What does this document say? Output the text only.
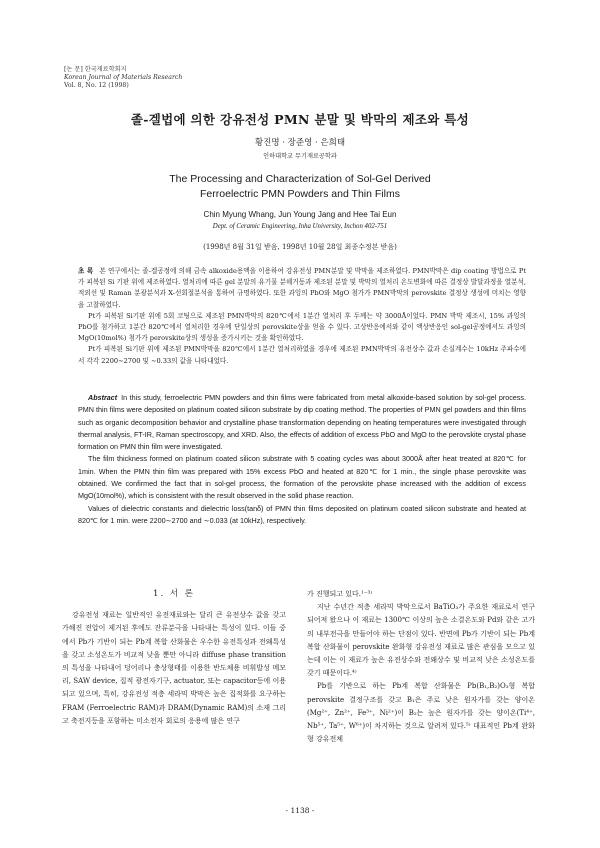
[논 문] 한국재료학회지
Korean Journal of Materials Research
Vol. 8, No. 12 (1998)
졸-겔법에 의한 강유전성 PMN 분말 및 박막의 제조와 특성
황진명 · 장준영 · 은희태
인하대학교 무기재료공학과
The Processing and Characterization of Sol-Gel Derived
Ferroelectric PMN Powders and Thin Films
Chin Myung Whang, Jun Young Jang and Hee Tai Eun
Dept. of Ceramic Engineering, Inha University, Inchon 402-751
(1998년 8월 31일 받음, 1998년 10월 28일 최종수정본 받음)

초 록 본 연구에서는 졸-겔공정에 의해 금속 alkoxide용액을 이용하여 강유전성 PMN분말 및 박막을 제조하였다. PMN박막은 dip coating 방법으로 Pt가 피복된 Si 기판 위에 제조하였다. 열처리에 따른 gel 분말의 유기물 분해거동과 제조된 분말 및 박막의 열처리 온도변화에 따른 결정상 발달과정을 열분석, 적외선 및 Raman 분광분석과 X-선회절분석을 통하여 규명하였다. 또한 과잉의 PbO와 MgO 첨가가 PMN박막의 perovskite 결정상 생성에 미치는 영향을 고찰하였다.

Pt가 피복된 Si기판 위에 5회 코팅으로 제조된 PMN박막의 820℃에서 1분간 열처리 후 두께는 약 3000Å이었다. PMN 박막 제조시, 15% 과잉의 PbO를 첨가하고 1분간 820℃에서 열처리한 경우에 단일상의 perovskite상을 얻을 수 있다. 고상반응에서와 같이 액상반응인 sol-gel공정에서도 과잉의 MgO(10mol%) 첨가가 perovskite상의 생성을 증가시키는 것을 확인하였다.

Pt가 피복된 Si기판 위에 제조된 PMN박막을 820℃에서 1분간 열처리하였을 경우에 제조된 PMN박막의 유전상수 값과 손실계수는 10kHz 주파수에서 각각 2200∼2700 및 ∼0.33의 값을 나타내었다.

Abstract In this study, ferroelectric PMN powders and thin films were fabricated from metal alkoxide-based solution by sol-gel process. PMN thin films were deposited on platinum coated silicon substrate by dip coating method. The properties of PMN gel powders and thin films such as organic decomposition behavior and crystalline phase transformation depending on heating temperatures were investigated through thermal analysis, FT-IR, Raman spectroscopy, and XRD. Also, the effects of addition of excess PbO and MgO to the perovskite crystal phase formation on PMN thin film were investigated.

The film thickness formed on platinum coated silicon substrate with 5 coating cycles was about 3000Å after heat treated at 820℃ for 1min. When the PMN thin film was prepared with 15% excess PbO and heated at 820℃ for 1 min., the single phase perovskite was obtained. We confirmed the fact that in sol-gel process, the formation of the perovskite phase increased with the addition of excess MgO(10mol%), which is consistent with the result observed in the solid phase reaction.

Values of dielectric constants and dielectric loss(tanδ) of PMN thin films deposited on platinum coated silicon substrate and heated at 820℃ for 1 min. were 2200∼2700 and ∼0.033 (at 10kHz), respectively.

1. 서 론

강유전성 재료는 일반적인 유전재료와는 달리 큰 유전상수 값을 갖고 가해진 전압이 제거된 후에도 잔류분극을 나타내는 특성이 있다. 이들 중에서 Pb가 기반이 되는 Pb계 복합 산화물은 우수한 유전특성과 전왜특성을 갖고 소성온도가 비교적 낮을 뿐만 아니라 diffuse phase transition의 특성을 나타내어 덩어리나 충상형태를 이용한 반도체용 비휘발성 메모리, SAW device, 집적 광전자기구, actuator, 또는 capacitor등에 이용되고 있으며, 특히, 강유전성 적층 세라믹 박막은 높은 집적화를 요구하는 FRAM (Ferroelectric RAM)과 DRAM(Dynamic RAM)의 소재 그리고 축전지등을 포함하는 미소전자 회로의 응용에 많은 연구

가 진행되고 있다.¹⁻³⁾

지난 수년간 적층 세라믹 박막으로서 BaTiO₃가 주요한 재료로서 연구되어져 왔으나 이 재료는 1300℃ 이상의 높은 소결온도와 Pd와 같은 고가의 내부전극을 만들어야 하는 단점이 있다. 반면에 Pb가 기반이 되는 Pb계 복합 산화물이 perovskite 완화형 강유전성 재료로 많은 관심을 모으고 있는데 이는 이 재료가 높은 유전상수와 전왜상수 및 비교적 낮은 소성온도를 갖기 때문이다.⁴⁾

Pb를 기반으로 하는 Pb계 복합 산화물은 Pb(B₁,B₂)O₃형 복합 perovskite 결정구조를 갖고 B₁은 주로 낮은 원자가를 갖는 양이온(Mg²⁺, Zn²⁺, Fe³⁺, Ni²⁺)이 B₂는 높은 원자가를 갖는 양이온(Ti⁴⁺, Nb⁵⁺, Ta⁵⁺, W⁶⁺)이 차지하는 것으로 알려져 있다.⁵⁾ 대표적인 Pb계 완화형 강유전체

- 1138 -
